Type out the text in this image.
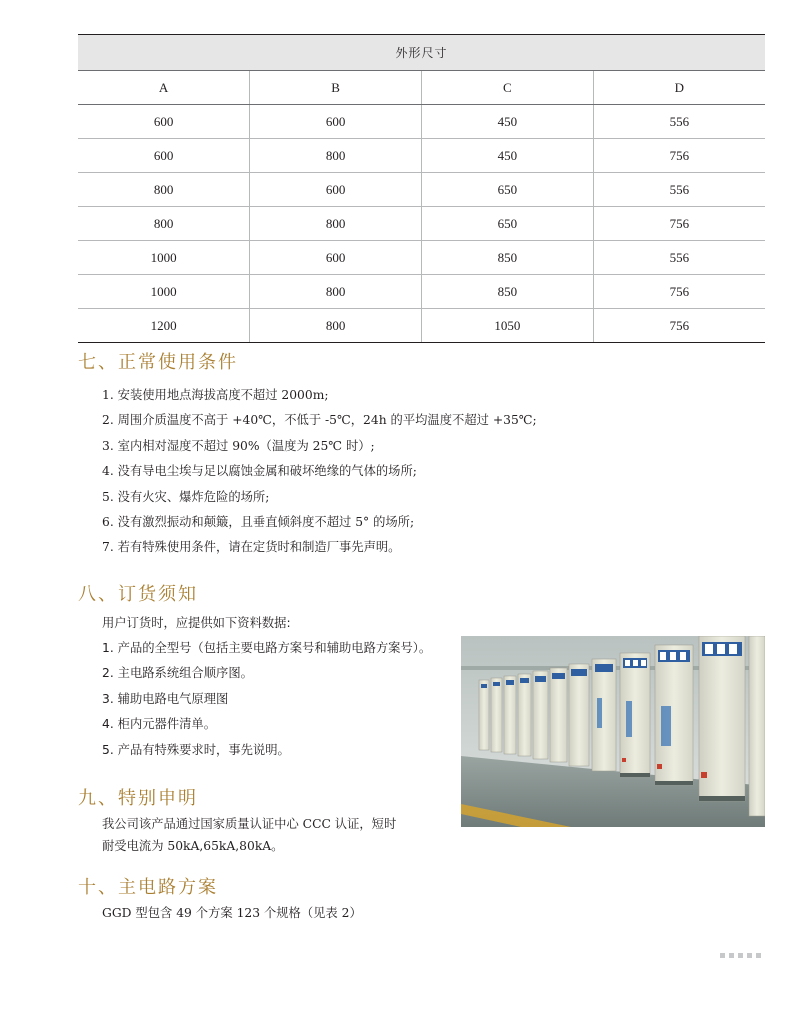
外形尺寸			
A	B	C	D
600	600	450	556
600	800	450	756
800	600	650	556
800	800	650	756
1000	600	850	556
1000	800	850	756
1200	800	1050	756
七、正常使用条件
1. 安装使用地点海拔高度不超过 2000m;
2. 周围介质温度不高于 +40℃，不低于 -5℃，24h 的平均温度不超过 +35℃;
3. 室内相对湿度不超过 90%（温度为 25℃ 时）;
4. 没有导电尘埃与足以腐蚀金属和破坏绝缘的气体的场所;
5. 没有火灾、爆炸危险的场所;
6. 没有激烈振动和颠簸，且垂直倾斜度不超过 5° 的场所;
7. 若有特殊使用条件，请在定货时和制造厂事先声明。
八、订货须知

用户订货时，应提供如下资料数据:

1. 产品的全型号（包括主要电路方案号和辅助电路方案号）。
2. 主电路系统组合顺序图。
3. 辅助电路电气原理图
4. 柜内元器件清单。
5. 产品有特殊要求时，事先说明。
九、特别申明

我公司该产品通过国家质量认证中心 CCC 认证，短时

耐受电流为 50kA,65kA,80kA。

十、主电路方案

GGD 型包含 49 个方案 123 个规格（见表 2）
